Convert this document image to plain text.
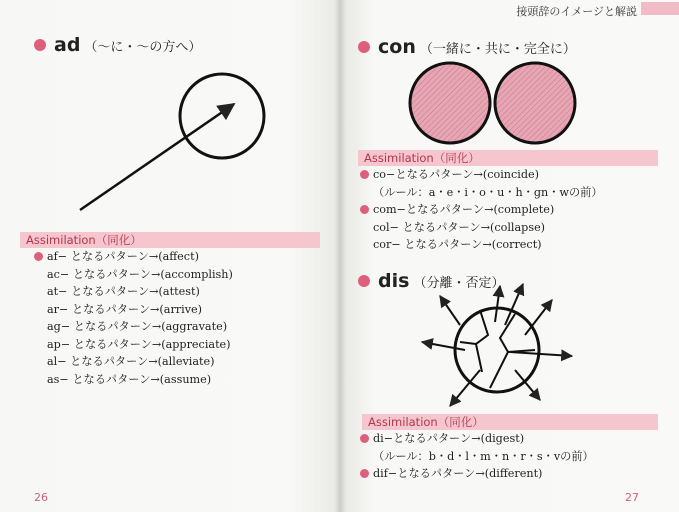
ad （〜に・〜の方へ）
Assimilation（同化）
af− となるパターン→(affect)
ac− となるパターン→(accomplish)
at− となるパターン→(attest)
ar− となるパターン→(arrive)
ag− となるパターン→(aggravate)
ap− となるパターン→(appreciate)
al− となるパターン→(alleviate)
as− となるパターン→(assume)
26
接頭辞のイメージと解説
con （一緒に・共に・完全に）
Assimilation（同化）
co−となるパターン→(coincide)
（ルール：a・e・i・o・u・h・gn・wの前）
com−となるパターン→(complete)
col− となるパターン→(collapse)
cor− となるパターン→(correct)
dis （分離・否定）
Assimilation（同化）
di−となるパターン→(digest)
（ルール：b・d・l・m・n・r・s・vの前）
dif−となるパターン→(different)
27
